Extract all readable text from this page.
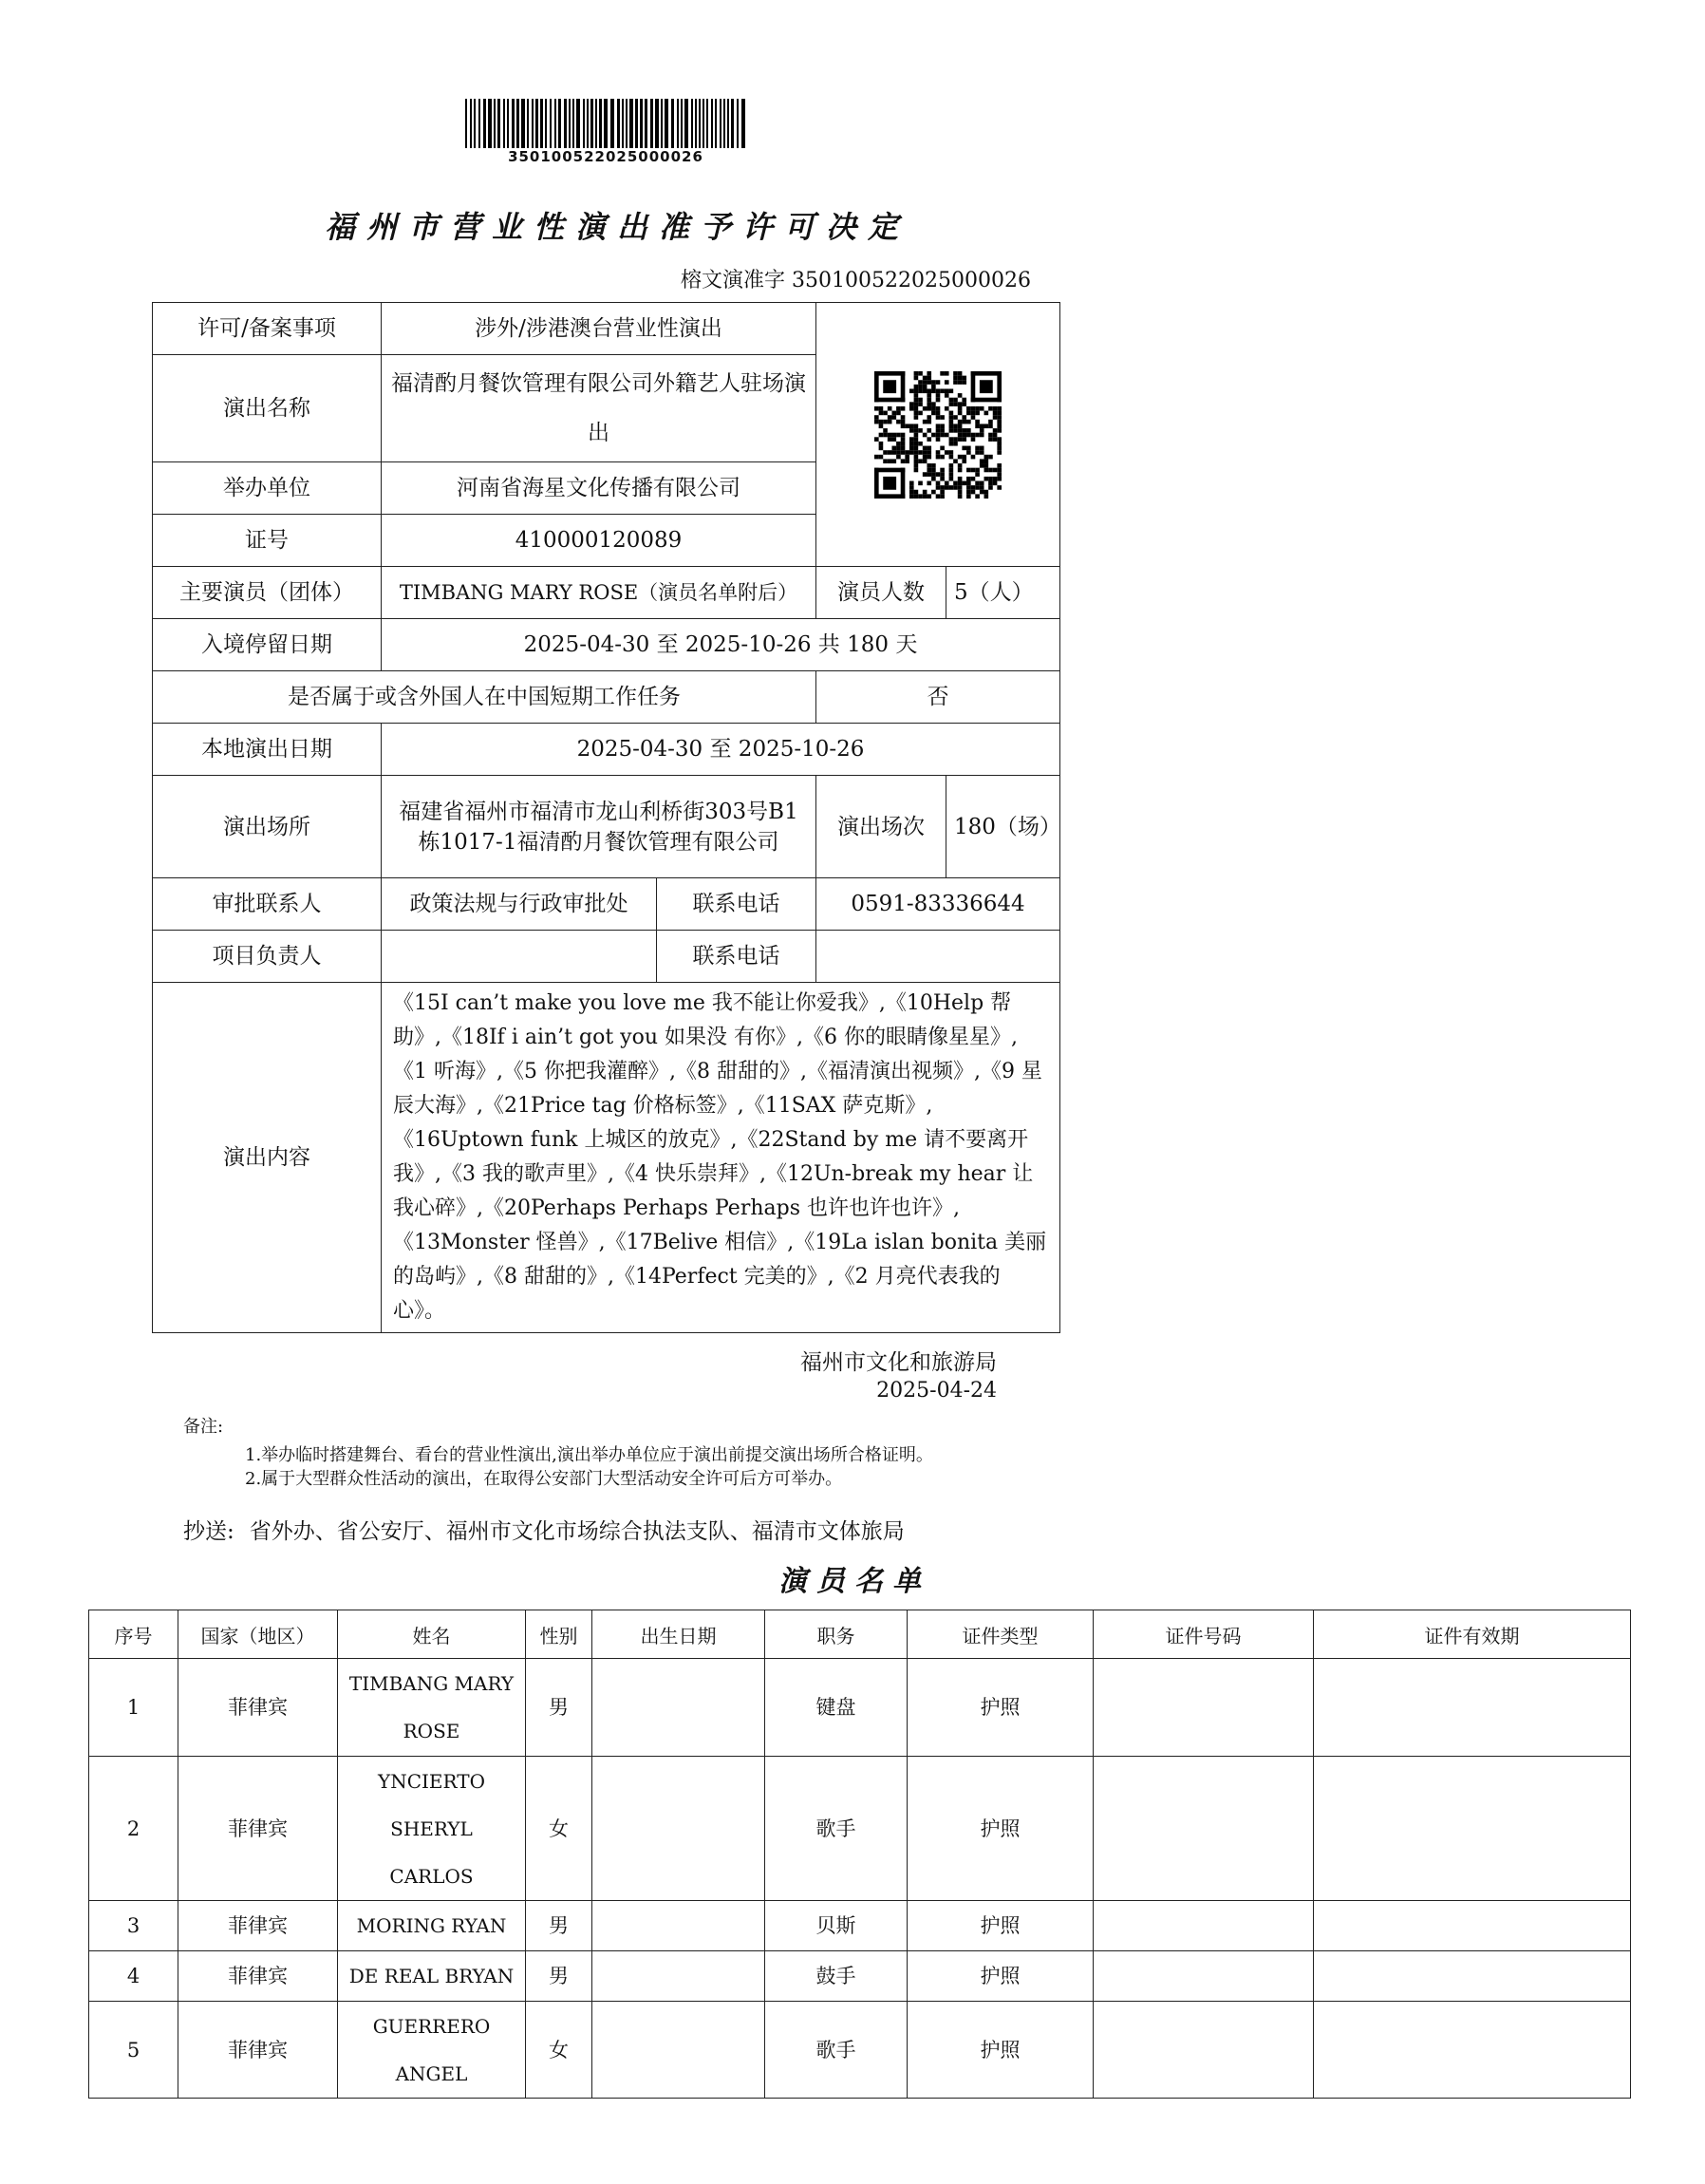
350100522025000026
福州市营业性演出准予许可决定
榕文演准字 350100522025000026
许可/备案事项	涉外/涉港澳台营业性演出	

演出名称	福清酌月餐饮管理有限公司外籍艺人驻场演出			
举办单位	河南省海星文化传播有限公司			
证号	410000120089			
主要演员（团体）	TIMBANG MARY ROSE（演员名单附后）		演员人数	5（人）
入境停留日期	2025-04-30 至 2025-10-26 共 180 天			
是否属于或含外国人在中国短期工作任务			否	
本地演出日期	2025-04-30 至 2025-10-26			
演出场所	福建省福州市福清市龙山利桥街303号B1栋1017-1福清酌月餐饮管理有限公司		演出场次	180（场）
审批联系人	政策法规与行政审批处	联系电话	0591-83336644	
项目负责人		联系电话		
演出内容	《15I can’t make you love me 我不能让你爱我》,《10Help 帮助》,《18If i ain’t got you 如果没 有你》,《6 你的眼睛像星星》,《1 听海》,《5 你把我灌醉》,《8 甜甜的》,《福清演出视频》,《9 星辰大海》,《21Price tag 价格标签》,《11SAX 萨克斯》,《16Uptown funk 上城区的放克》,《22Stand by me 请不要离开我》,《3 我的歌声里》,《4 快乐崇拜》,《12Un-break my hear 让我心碎》,《20Perhaps Perhaps Perhaps 也许也许也许》,《13Monster 怪兽》,《17Belive 相信》,《19La islan bonita 美丽的岛屿》,《8 甜甜的》,《14Perfect 完美的》,《2 月亮代表我的心》。			
福州市文化和旅游局
2025-04-24
备注:
1.举办临时搭建舞台、看台的营业性演出,演出举办单位应于演出前提交演出场所合格证明。
2.属于大型群众性活动的演出，在取得公安部门大型活动安全许可后方可举办。
抄送: 省外办、省公安厅、福州市文化市场综合执法支队、福清市文体旅局
演员名单
序号	国家（地区）	姓名	性别	出生日期	职务	证件类型	证件号码	证件有效期
1	菲律宾	TIMBANG MARY ROSE	男		键盘	护照		
2	菲律宾	YNCIERTO SHERYL CARLOS	女		歌手	护照		
3	菲律宾	MORING RYAN	男		贝斯	护照		
4	菲律宾	DE REAL BRYAN	男		鼓手	护照		
5	菲律宾	GUERRERO ANGEL	女		歌手	护照		
